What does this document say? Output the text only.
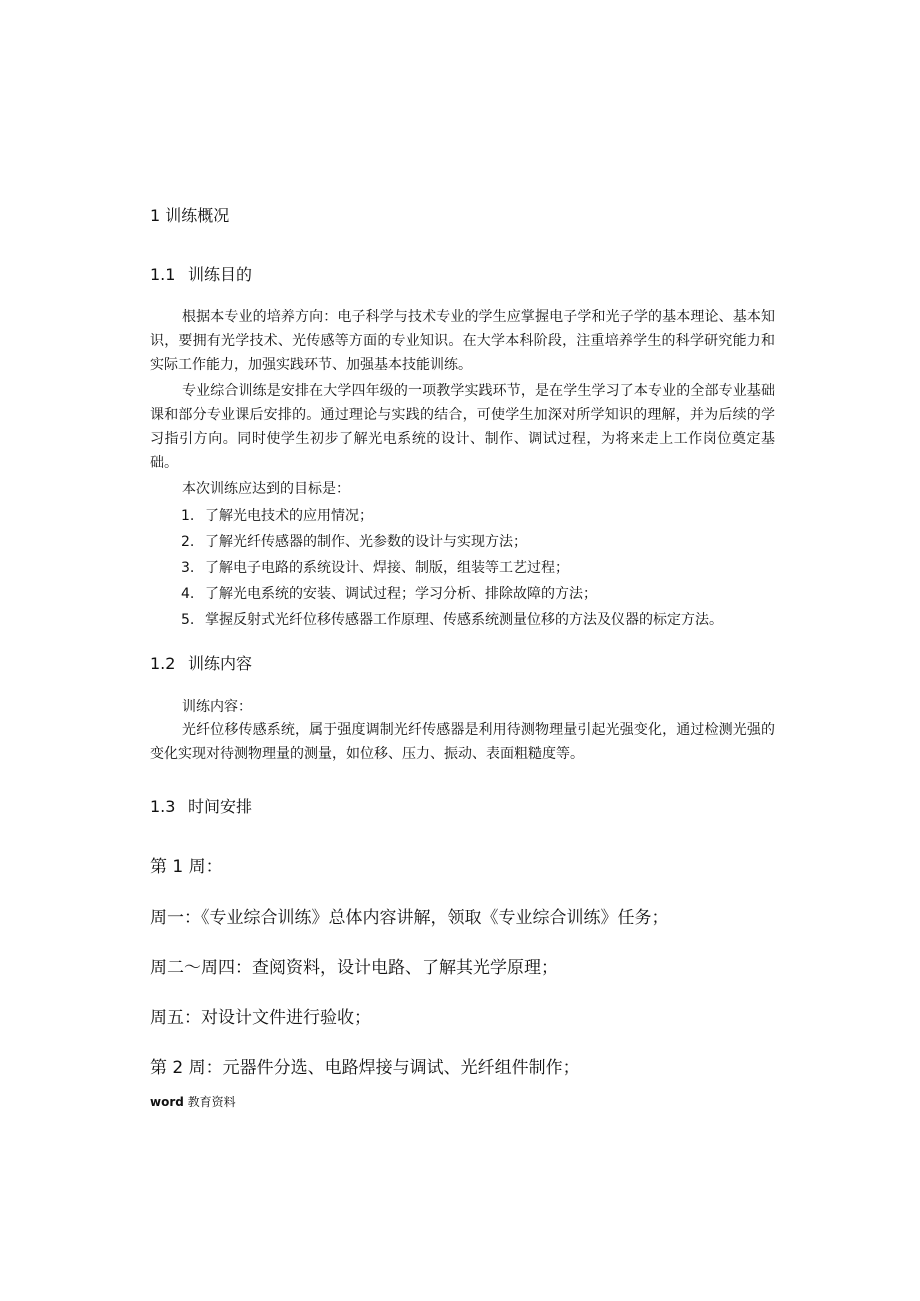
1 训练概况
1.1 训练目的

根据本专业的培养方向：电子科学与技术专业的学生应掌握电子学和光子学的基本理论、基本知识，要拥有光学技术、光传感等方面的专业知识。在大学本科阶段，注重培养学生的科学研究能力和实际工作能力，加强实践环节、加强基本技能训练。

专业综合训练是安排在大学四年级的一项教学实践环节，是在学生学习了本专业的全部专业基础课和部分专业课后安排的。通过理论与实践的结合，可使学生加深对所学知识的理解，并为后续的学习指引方向。同时使学生初步了解光电系统的设计、制作、调试过程，为将来走上工作岗位奠定基础。

本次训练应达到的目标是：
1. 了解光电技术的应用情况；
2. 了解光纤传感器的制作、光参数的设计与实现方法；
3. 了解电子电路的系统设计、焊接、制版，组装等工艺过程；
4. 了解光电系统的安装、调试过程；学习分析、排除故障的方法；
5. 掌握反射式光纤位移传感器工作原理、传感系统测量位移的方法及仪器的标定方法。
1.2 训练内容
训练内容：

光纤位移传感系统，属于强度调制光纤传感器是利用待测物理量引起光强变化，通过检测光强的变化实现对待测物理量的测量，如位移、压力、振动、表面粗糙度等。

1.3 时间安排
第 1 周：
周一：《专业综合训练》总体内容讲解，领取《专业综合训练》任务；
周二～周四：查阅资料，设计电路、了解其光学原理；
周五：对设计文件进行验收；
第 2 周：元器件分选、电路焊接与调试、光纤组件制作；
word 教育资料
